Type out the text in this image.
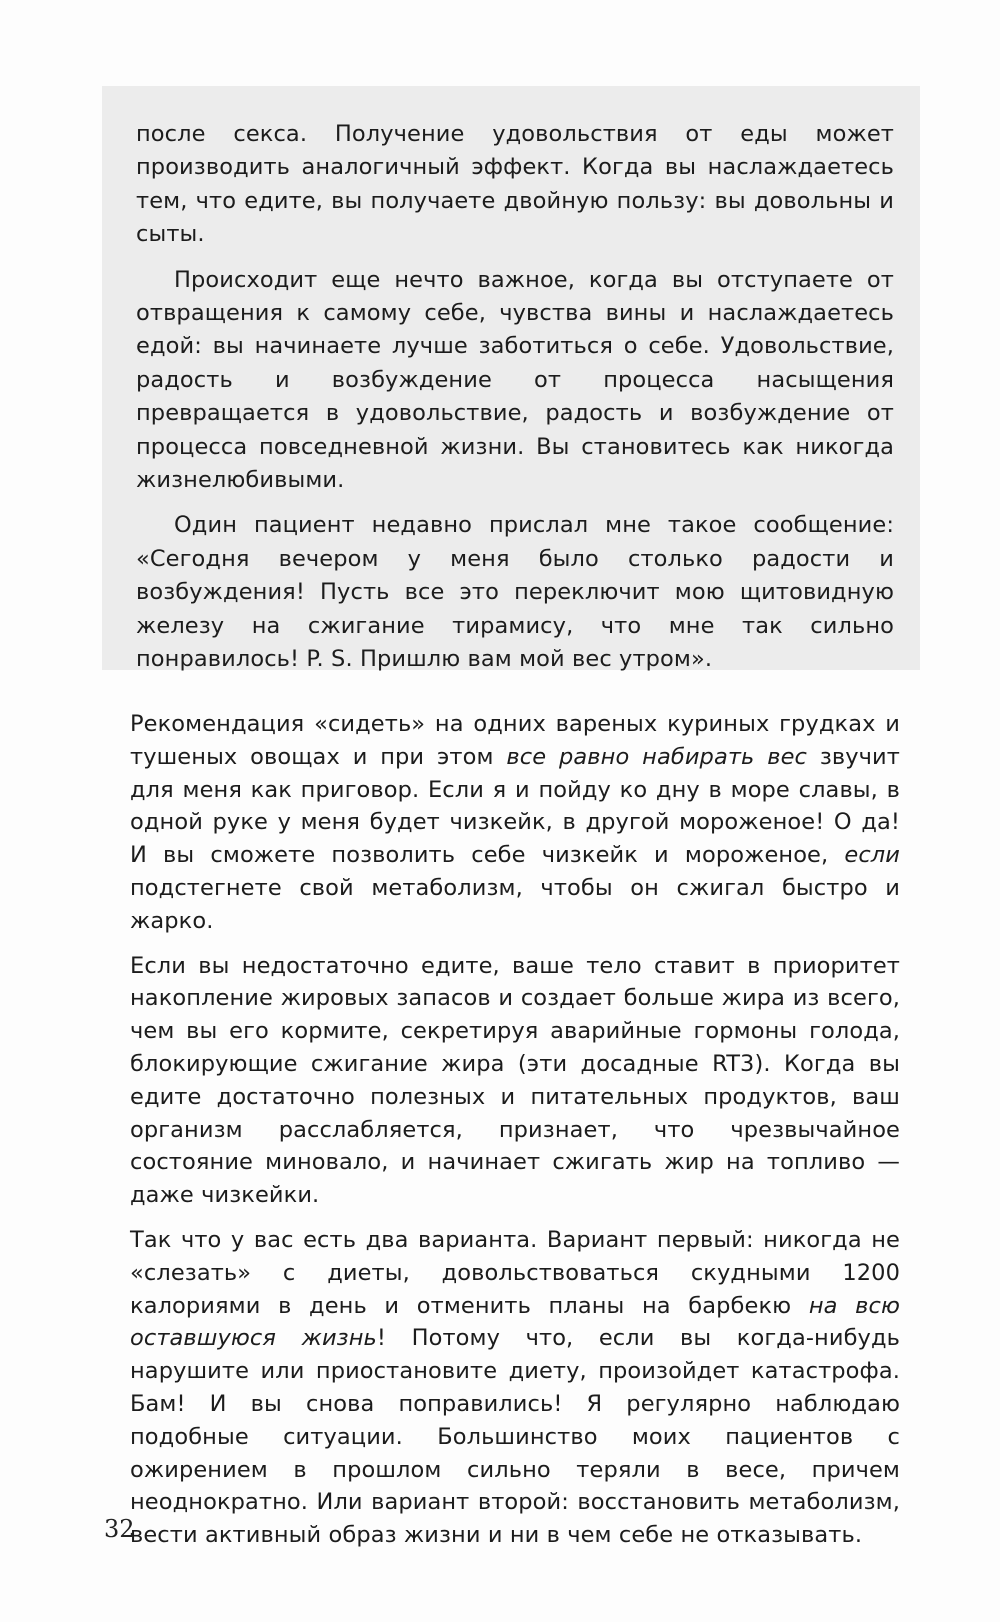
после секса. Получение удовольствия от еды может производить аналогичный эффект. Когда вы наслаждаетесь тем, что едите, вы получаете двойную пользу: вы довольны и сыты.

Происходит еще нечто важное, когда вы отступаете от отвращения к самому себе, чувства вины и наслаждаетесь едой: вы начинаете лучше заботиться о себе. Удовольствие, радость и возбуждение от процесса насыщения превращается в удовольствие, радость и возбуждение от процесса повседневной жизни. Вы становитесь как никогда жизнелюбивыми.

Один пациент недавно прислал мне такое сообщение: «Сегодня вечером у меня было столько радости и возбуждения! Пусть все это переключит мою щитовидную железу на сжигание тирамису, что мне так сильно понравилось! P. S. Пришлю вам мой вес утром».

Рекомендация «сидеть» на одних вареных куриных грудках и тушеных овощах и при этом все равно набирать вес звучит для меня как приговор. Если я и пойду ко дну в море славы, в одной руке у меня будет чизкейк, в другой мороженое! О да! И вы сможете позволить себе чизкейк и мороженое, если подстегнете свой метаболизм, чтобы он сжигал быстро и жарко.

Если вы недостаточно едите, ваше тело ставит в приоритет накопление жировых запасов и создает больше жира из всего, чем вы его кормите, секретируя аварийные гормоны голода, блокирующие сжигание жира (эти досадные RT3). Когда вы едите достаточно полезных и питательных продуктов, ваш организм расслабляется, признает, что чрезвычайное состояние миновало, и начинает сжигать жир на топливо — даже чизкейки.

Так что у вас есть два варианта. Вариант первый: никогда не «слезать» с диеты, довольствоваться скудными 1200 калориями в день и отменить планы на барбекю на всю оставшуюся жизнь! Потому что, если вы когда-нибудь нарушите или приостановите диету, произойдет катастрофа. Бам! И вы снова поправились! Я регулярно наблюдаю подобные ситуации. Большинство моих пациентов с ожирением в прошлом сильно теряли в весе, причем неоднократно. Или вариант второй: восстановить метаболизм, вести активный образ жизни и ни в чем себе не отказывать.

32
